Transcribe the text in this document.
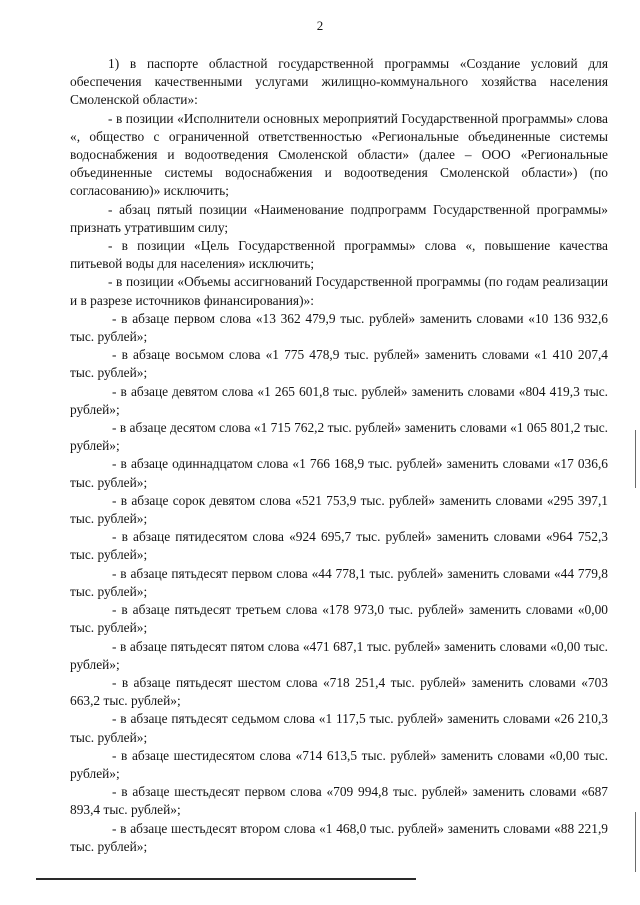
2

1) в паспорте областной государственной программы «Создание условий для обеспечения качественными услугами жилищно-коммунального хозяйства населения Смоленской области»:

- в позиции «Исполнители основных мероприятий Государственной программы» слова «, общество с ограниченной ответственностью «Региональные объединенные системы водоснабжения и водоотведения Смоленской области» (далее – ООО «Региональные объединенные системы водоснабжения и водоотведения Смоленской области») (по согласованию)» исключить;

- абзац пятый позиции «Наименование подпрограмм Государственной программы» признать утратившим силу;

- в позиции «Цель Государственной программы» слова «, повышение качества питьевой воды для населения» исключить;

- в позиции «Объемы ассигнований Государственной программы (по годам реализации и в разрезе источников финансирования)»:

- в абзаце первом слова «13 362 479,9 тыс. рублей» заменить словами «10 136 932,6 тыс. рублей»;

- в абзаце восьмом слова «1 775 478,9 тыс. рублей» заменить словами «1 410 207,4 тыс. рублей»;

- в абзаце девятом слова «1 265 601,8 тыс. рублей» заменить словами «804 419,3 тыс. рублей»;

- в абзаце десятом слова «1 715 762,2 тыс. рублей» заменить словами «1 065 801,2 тыс. рублей»;

- в абзаце одиннадцатом слова «1 766 168,9 тыс. рублей» заменить словами «17 036,6 тыс. рублей»;

- в абзаце сорок девятом слова «521 753,9 тыс. рублей» заменить словами «295 397,1 тыс. рублей»;

- в абзаце пятидесятом слова «924 695,7 тыс. рублей» заменить словами «964 752,3 тыс. рублей»;

- в абзаце пятьдесят первом слова «44 778,1 тыс. рублей» заменить словами «44 779,8 тыс. рублей»;

- в абзаце пятьдесят третьем слова «178 973,0 тыс. рублей» заменить словами «0,00 тыс. рублей»;

- в абзаце пятьдесят пятом слова «471 687,1 тыс. рублей» заменить словами «0,00 тыс. рублей»;

- в абзаце пятьдесят шестом слова «718 251,4 тыс. рублей» заменить словами «703 663,2 тыс. рублей»;

- в абзаце пятьдесят седьмом слова «1 117,5 тыс. рублей» заменить словами «26 210,3 тыс. рублей»;

- в абзаце шестидесятом слова «714 613,5 тыс. рублей» заменить словами «0,00 тыс. рублей»;

- в абзаце шестьдесят первом слова «709 994,8 тыс. рублей» заменить словами «687 893,4 тыс. рублей»;

- в абзаце шестьдесят втором слова «1 468,0 тыс. рублей» заменить словами «88 221,9 тыс. рублей»;
